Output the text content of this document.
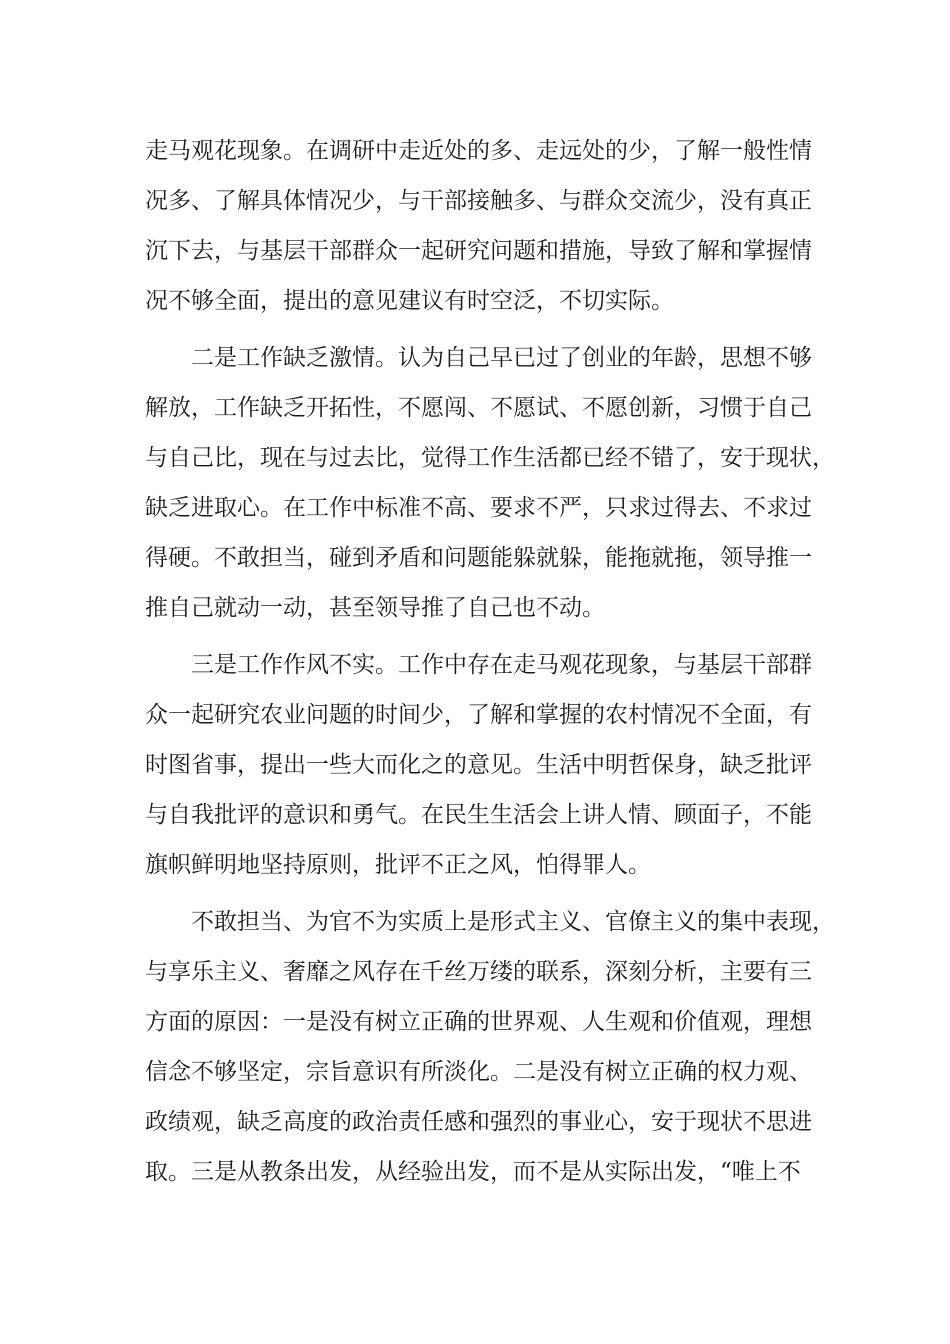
走马观花现象。在调研中走近处的多、走远处的少，了解一般性情
况多、了解具体情况少，与干部接触多、与群众交流少，没有真正
沉下去，与基层干部群众一起研究问题和措施，导致了解和掌握情
况不够全面，提出的意见建议有时空泛，不切实际。
二是工作缺乏激情。认为自己早已过了创业的年龄，思想不够
解放，工作缺乏开拓性，不愿闯、不愿试、不愿创新，习惯于自己
与自己比，现在与过去比，觉得工作生活都已经不错了，安于现状，
缺乏进取心。在工作中标准不高、要求不严，只求过得去、不求过
得硬。不敢担当，碰到矛盾和问题能躲就躲，能拖就拖，领导推一
推自己就动一动，甚至领导推了自己也不动。
三是工作作风不实。工作中存在走马观花现象，与基层干部群
众一起研究农业问题的时间少，了解和掌握的农村情况不全面，有
时图省事，提出一些大而化之的意见。生活中明哲保身，缺乏批评
与自我批评的意识和勇气。在民生生活会上讲人情、顾面子，不能
旗帜鲜明地坚持原则，批评不正之风，怕得罪人。
不敢担当、为官不为实质上是形式主义、官僚主义的集中表现，
与享乐主义、奢靡之风存在千丝万缕的联系，深刻分析，主要有三
方面的原因：一是没有树立正确的世界观、人生观和价值观，理想
信念不够坚定，宗旨意识有所淡化。二是没有树立正确的权力观、
政绩观，缺乏高度的政治责任感和强烈的事业心，安于现状不思进
取。三是从教条出发，从经验出发，而不是从实际出发，“唯上不
